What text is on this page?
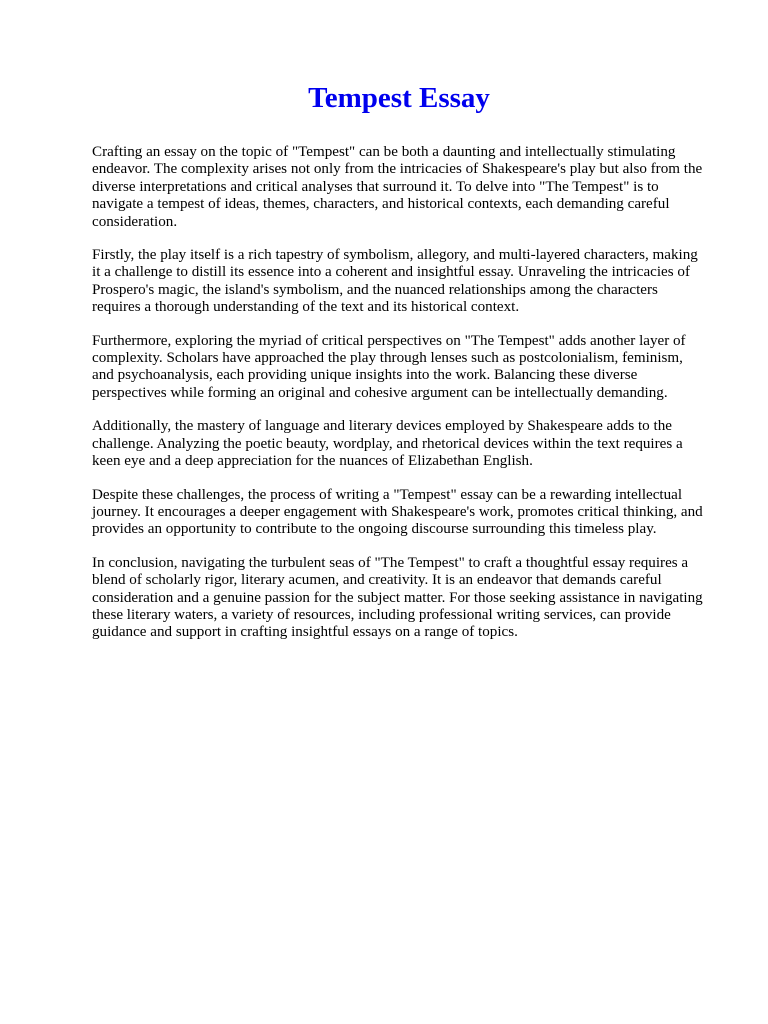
Tempest Essay

Crafting an essay on the topic of "Tempest" can be both a daunting and intellectually stimulating endeavor. The complexity arises not only from the intricacies of Shakespeare's play but also from the diverse interpretations and critical analyses that surround it. To delve into "The Tempest" is to navigate a tempest of ideas, themes, characters, and historical contexts, each demanding careful consideration.

Firstly, the play itself is a rich tapestry of symbolism, allegory, and multi-layered characters, making it a challenge to distill its essence into a coherent and insightful essay. Unraveling the intricacies of Prospero's magic, the island's symbolism, and the nuanced relationships among the characters requires a thorough understanding of the text and its historical context.

Furthermore, exploring the myriad of critical perspectives on "The Tempest" adds another layer of complexity. Scholars have approached the play through lenses such as postcolonialism, feminism, and psychoanalysis, each providing unique insights into the work. Balancing these diverse perspectives while forming an original and cohesive argument can be intellectually demanding.

Additionally, the mastery of language and literary devices employed by Shakespeare adds to the challenge. Analyzing the poetic beauty, wordplay, and rhetorical devices within the text requires a keen eye and a deep appreciation for the nuances of Elizabethan English.

Despite these challenges, the process of writing a "Tempest" essay can be a rewarding intellectual journey. It encourages a deeper engagement with Shakespeare's work, promotes critical thinking, and provides an opportunity to contribute to the ongoing discourse surrounding this timeless play.

In conclusion, navigating the turbulent seas of "The Tempest" to craft a thoughtful essay requires a blend of scholarly rigor, literary acumen, and creativity. It is an endeavor that demands careful consideration and a genuine passion for the subject matter. For those seeking assistance in navigating these literary waters, a variety of resources, including professional writing services, can provide guidance and support in crafting insightful essays on a range of topics.
